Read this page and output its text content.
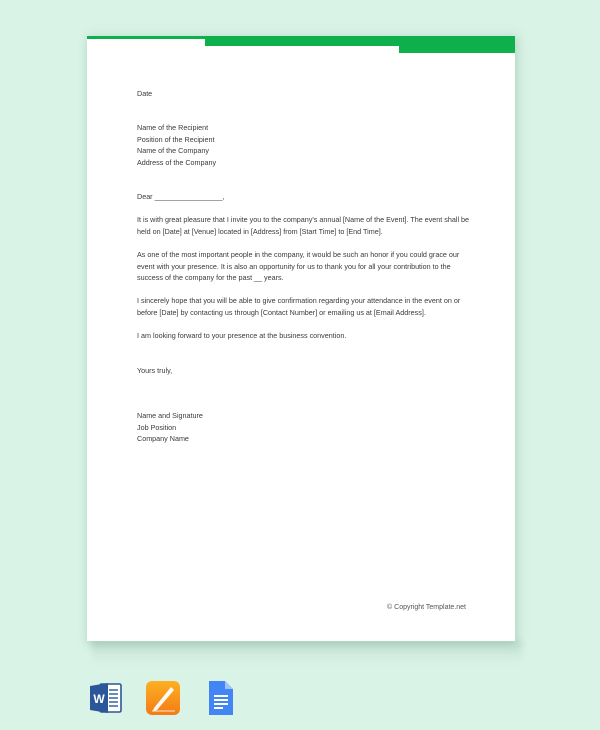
Date

Name of the Recipient

Position of the Recipient

Name of the Company

Address of the Company

Dear _________________,

It is with great pleasure that I invite you to the company's annual [Name of the Event]. The event shall be held on [Date] at [Venue] located in [Address] from [Start Time] to [End Time].

As one of the most important people in the company, it would be such an honor if you could grace our event with your presence. It is also an opportunity for us to thank you for all your contribution to the success of the company for the past __ years.

I sincerely hope that you will be able to give confirmation regarding your attendance in the event on or before [Date] by contacting us through [Contact Number] or emailing us at [Email Address].

I am looking forward to your presence at the business convention.

Yours truly,

Name and Signature

Job Position

Company Name

© Copyright Template.net
W
